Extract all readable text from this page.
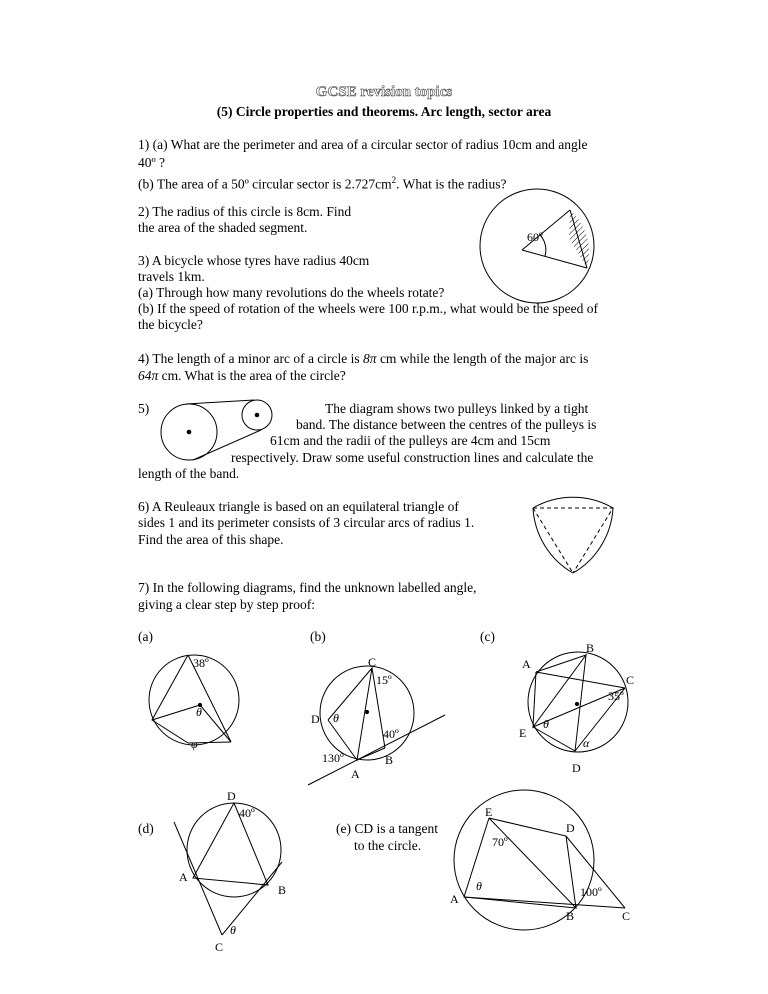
GCSE revision topics
(5) Circle properties and theorems. Arc length, sector area
1) (a) What are the perimeter and area of a circular sector of radius 10cm and angle
40º ?
(b) The area of a 50º circular sector is $2.727cm^2$. What is the radius?
2) The radius of this circle is 8cm. Find
the area of the shaded segment.
3) A bicycle whose tyres have radius 40cm
travels 1km.
(a) Through how many revolutions do the wheels rotate?
(b) If the speed of rotation of the wheels were 100 r.p.m., what would be the speed of
the bicycle?
4) The length of a minor arc of a circle is 8π cm while the length of the major arc is
64π cm. What is the area of the circle?
5)	The diagram shows two pulleys linked by a tight
band. The distance between the centres of the pulleys is
61cm and the radii of the pulleys are 4cm and 15cm
respectively. Draw some useful construction lines and calculate the
length of the band.
6) A Reuleaux triangle is based on an equilateral triangle of
sides 1 and its perimeter consists of 3 circular arcs of radius 1.
Find the area of this shape.
7) In the following diagrams, find the unknown labelled angle,
giving a clear step by step proof:
(a)	(b)	(c)
(d)	(e) CD is a tangent
to the circle.
60º
38º
θ
φ
C
D
A
B
15º
40º
130º
θ
B
A
C
E
D
35º
θ
α
D
A
B
C
40º
θ
E
D
A
B	C
70º
100º
θ
